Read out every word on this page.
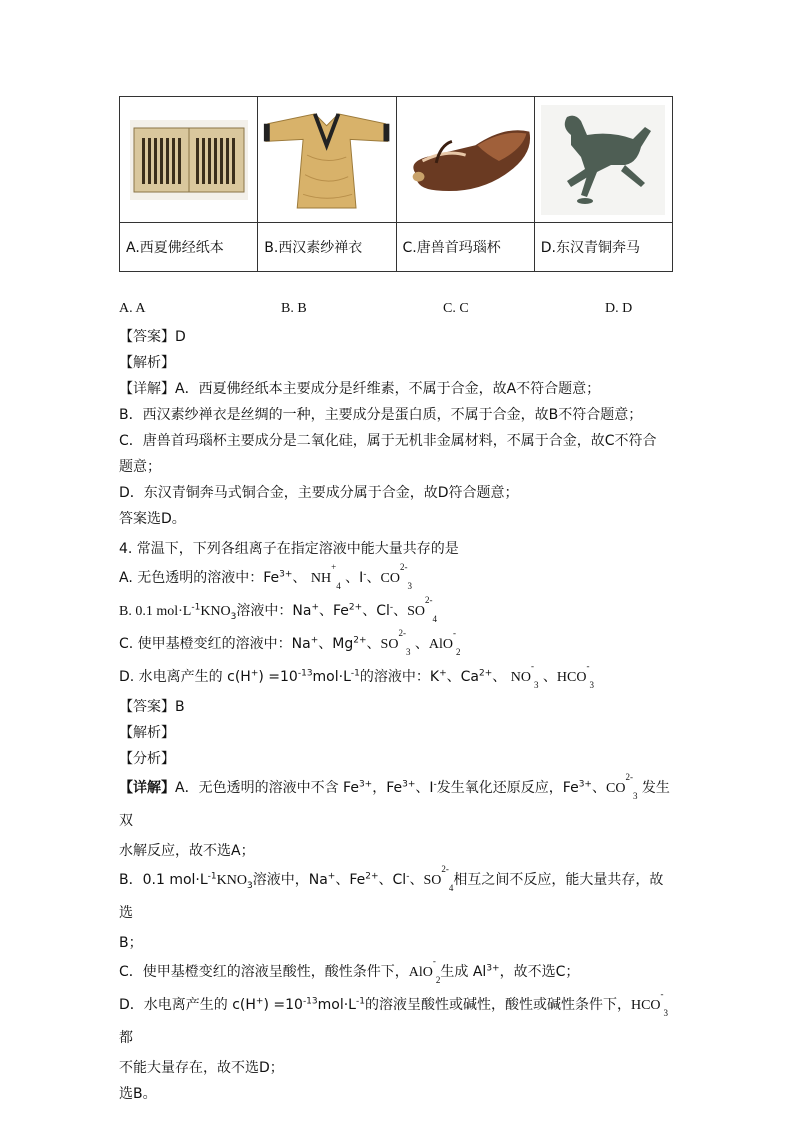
A.西夏佛经纸本	B.西汉素纱禅衣	C.唐兽首玛瑙杯	D.东汉青铜奔马
A. A	B. B	C. C	D. D

【答案】D

【解析】

【详解】A．西夏佛经纸本主要成分是纤维素，不属于合金，故A不符合题意；

B．西汉素纱禅衣是丝绸的一种，主要成分是蛋白质，不属于合金，故B不符合题意；

C．唐兽首玛瑙杯主要成分是二氧化硅，属于无机非金属材料，不属于合金，故C不符合

题意；

D．东汉青铜奔马式铜合金，主要成分属于合金，故D符合题意；

答案选D。

4. 常温下，下列各组离子在指定溶液中能大量共存的是

A. 无色透明的溶液中：$Fe^{3+}$、 $NH^+_4$ 、I-、$CO^{2-}_3$

B. 0.1 $mol\cdot L^{-1}KNO_3$溶液中：Na+、$Fe^{2+}$、Cl-、$SO^{2-}_4$

C. 使甲基橙变红的溶液中：Na+、$Mg^{2+}$、$SO^{2-}_3$ 、AlO-$_2$

D. 水电离产生的 $c(H^+) =10^{-13}mol\cdot L^{-1}$的溶液中：K+、$Ca^{2+}$、 $NO^-_3$ 、$HCO^-_3$

【答案】B

【解析】

【分析】

【详解】A．无色透明的溶液中不含 $Fe^{3+}$，$Fe^{3+}$、I-发生氧化还原反应，$Fe^{3+}$、$CO^{2-}_3$ 发生双

水解反应，故不选A；

B．0.1 $mol\cdot L^{-1}KNO_3$溶液中，Na+、$Fe^{2+}$、Cl-、$SO^{2-}_4$相互之间不反应，能大量共存，故选

B；

C．使甲基橙变红的溶液呈酸性，酸性条件下，AlO-$_2$生成 $Al^{3+}$，故不选C；

D．水电离产生的 $c(H^+) =10^{-13}mol\cdot L^{-1}$的溶液呈酸性或碱性，酸性或碱性条件下，$HCO^-_3$都

不能大量存在，故不选D；

选B。
